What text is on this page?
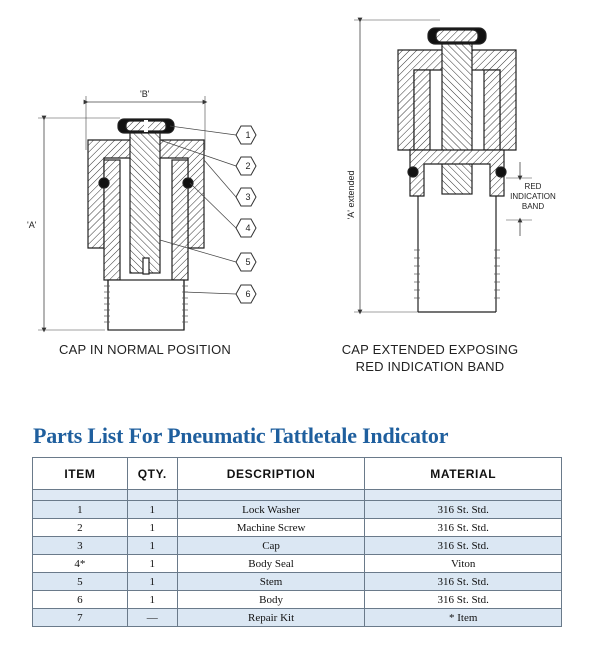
'B'
'A'
'A' extended
1
2
3
4
5
6
RED
INDICATION
BAND
CAP IN NORMAL POSITION	CAP EXTENDED EXPOSING
RED INDICATION BAND
Parts List For Pneumatic Tattletale Indicator
ITEM	QTY.	DESCRIPTION	MATERIAL

1	1	Lock Washer	316 St. Std.
2	1	Machine Screw	316 St. Std.
3	1	Cap	316 St. Std.
4*	1	Body Seal	Viton
5	1	Stem	316 St. Std.
6	1	Body	316 St. Std.
7	—	Repair Kit	* Item
